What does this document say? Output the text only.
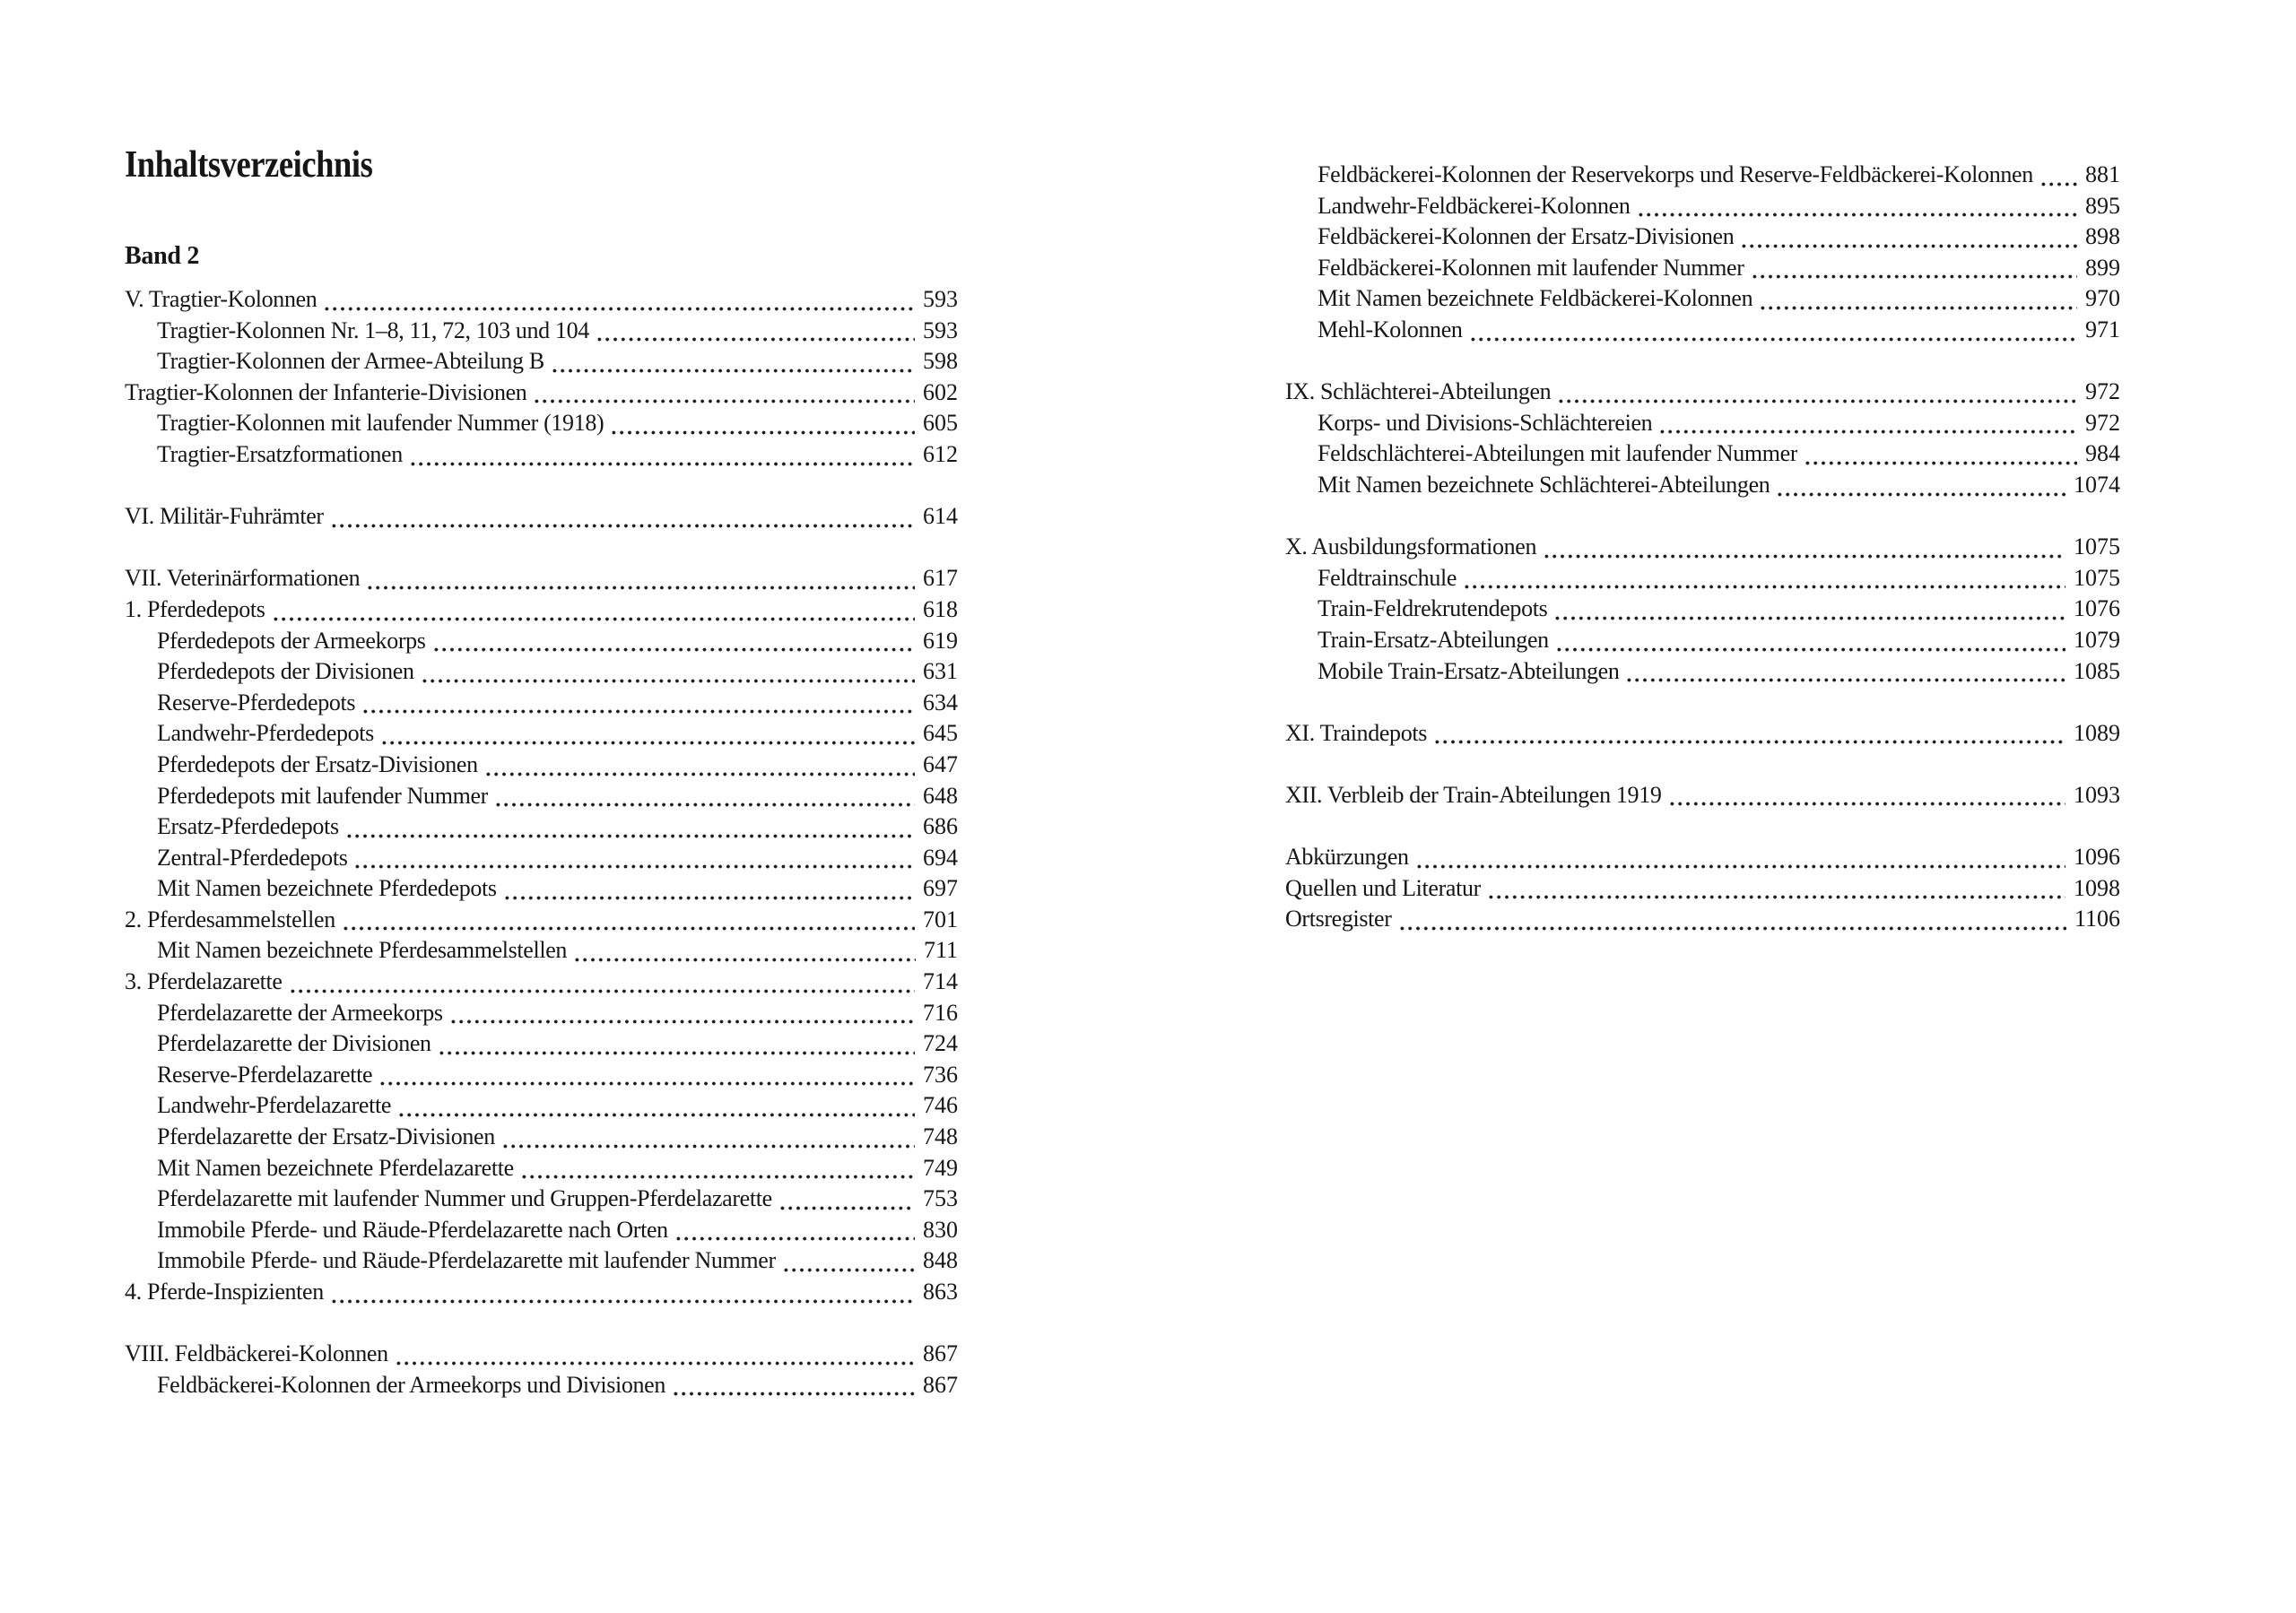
Inhaltsverzeichnis
Band 2
V. Tragtier-Kolonnen	593
Tragtier-Kolonnen Nr. 1–8, 11, 72, 103 und 104	593
Tragtier-Kolonnen der Armee-Abteilung B	598
Tragtier-Kolonnen der Infanterie-Divisionen	602
Tragtier-Kolonnen mit laufender Nummer (1918)	605
Tragtier-Ersatzformationen	612
VI. Militär-Fuhrämter	614
VII. Veterinärformationen	617
1. Pferdedepots	618
Pferdedepots der Armeekorps	619
Pferdedepots der Divisionen	631
Reserve-Pferdedepots	634
Landwehr-Pferdedepots	645
Pferdedepots der Ersatz-Divisionen	647
Pferdedepots mit laufender Nummer	648
Ersatz-Pferdedepots	686
Zentral-Pferdedepots	694
Mit Namen bezeichnete Pferdedepots	697
2. Pferdesammelstellen	701
Mit Namen bezeichnete Pferdesammelstellen	711
3. Pferdelazarette	714
Pferdelazarette der Armeekorps	716
Pferdelazarette der Divisionen	724
Reserve-Pferdelazarette	736
Landwehr-Pferdelazarette	746
Pferdelazarette der Ersatz-Divisionen	748
Mit Namen bezeichnete Pferdelazarette	749
Pferdelazarette mit laufender Nummer und Gruppen-Pferdelazarette	753
Immobile Pferde- und Räude-Pferdelazarette nach Orten	830
Immobile Pferde- und Räude-Pferdelazarette mit laufender Nummer	848
4. Pferde-Inspizienten	863
VIII. Feldbäckerei-Kolonnen	867
Feldbäckerei-Kolonnen der Armeekorps und Divisionen	867
Feldbäckerei-Kolonnen der Reservekorps und Reserve-Feldbäckerei-Kolonnen 881
Landwehr-Feldbäckerei-Kolonnen	895
Feldbäckerei-Kolonnen der Ersatz-Divisionen	898
Feldbäckerei-Kolonnen mit laufender Nummer	899
Mit Namen bezeichnete Feldbäckerei-Kolonnen	970
Mehl-Kolonnen	971
IX. Schlächterei-Abteilungen	972
Korps- und Divisions-Schlächtereien	972
Feldschlächterei-Abteilungen mit laufender Nummer	984
Mit Namen bezeichnete Schlächterei-Abteilungen	1074
X. Ausbildungsformationen	1075
Feldtrainschule	1075
Train-Feldrekrutendepots	1076
Train-Ersatz-Abteilungen	1079
Mobile Train-Ersatz-Abteilungen	1085
XI. Traindepots	1089
XII. Verbleib der Train-Abteilungen 1919	1093
Abkürzungen	1096
Quellen und Literatur	1098
Ortsregister	1106
